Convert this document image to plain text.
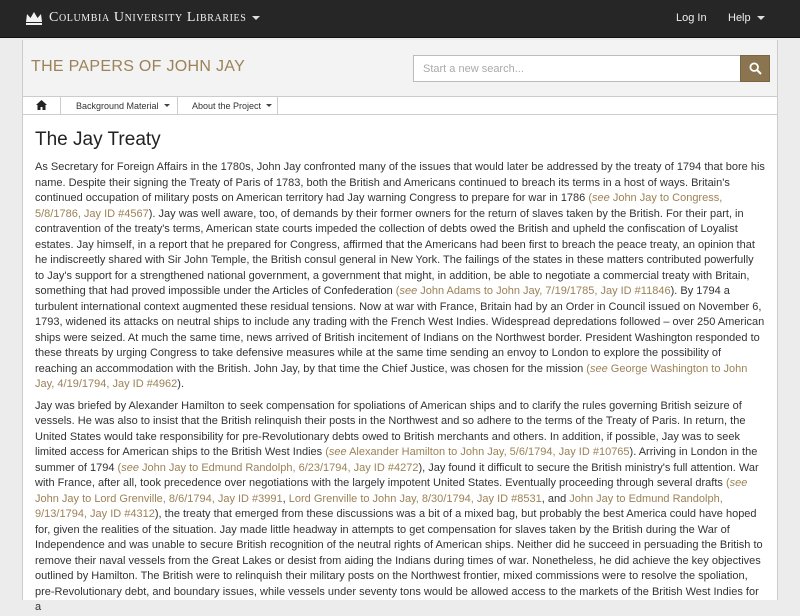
Columbia University Libraries	Log In Help
THE PAPERS OF JOHN JAY
Start a new search...
Background Material	About the Project
The Jay Treaty

As Secretary for Foreign Affairs in the 1780s, John Jay confronted many of the issues that would later be addressed by the treaty of 1794 that bore his name. Despite their signing the Treaty of Paris of 1783, both the British and Americans continued to breach its terms in a host of ways. Britain's continued occupation of military posts on American territory had Jay warning Congress to prepare for war in 1786 (see John Jay to Congress, 5/8/1786, Jay ID #4567). Jay was well aware, too, of demands by their former owners for the return of slaves taken by the British. For their part, in contravention of the treaty's terms, American state courts impeded the collection of debts owed the British and upheld the confiscation of Loyalist estates. Jay himself, in a report that he prepared for Congress, affirmed that the Americans had been first to breach the peace treaty, an opinion that he indiscreetly shared with Sir John Temple, the British consul general in New York. The failings of the states in these matters contributed powerfully to Jay's support for a strengthened national government, a government that might, in addition, be able to negotiate a commercial treaty with Britain, something that had proved impossible under the Articles of Confederation (see John Adams to John Jay, 7/19/1785, Jay ID #11846). By 1794 a turbulent international context augmented these residual tensions. Now at war with France, Britain had by an Order in Council issued on November 6, 1793, widened its attacks on neutral ships to include any trading with the French West Indies. Widespread depredations followed – over 250 American ships were seized. At much the same time, news arrived of British incitement of Indians on the Northwest border. President Washington responded to these threats by urging Congress to take defensive measures while at the same time sending an envoy to London to explore the possibility of reaching an accommodation with the British. John Jay, by that time the Chief Justice, was chosen for the mission (see George Washington to John Jay, 4/19/1794, Jay ID #4962).

Jay was briefed by Alexander Hamilton to seek compensation for spoliations of American ships and to clarify the rules governing British seizure of vessels. He was also to insist that the British relinquish their posts in the Northwest and so adhere to the terms of the Treaty of Paris. In return, the United States would take responsibility for pre-Revolutionary debts owed to British merchants and others. In addition, if possible, Jay was to seek limited access for American ships to the British West Indies (see Alexander Hamilton to John Jay, 5/6/1794, Jay ID #10765). Arriving in London in the summer of 1794 (see John Jay to Edmund Randolph, 6/23/1794, Jay ID #4272), Jay found it difficult to secure the British ministry's full attention. War with France, after all, took precedence over negotiations with the largely impotent United States. Eventually proceeding through several drafts (see John Jay to Lord Grenville, 8/6/1794, Jay ID #3991, Lord Grenville to John Jay, 8/30/1794, Jay ID #8531, and John Jay to Edmund Randolph, 9/13/1794, Jay ID #4312), the treaty that emerged from these discussions was a bit of a mixed bag, but probably the best America could have hoped for, given the realities of the situation. Jay made little headway in attempts to get compensation for slaves taken by the British during the War of Independence and was unable to secure British recognition of the neutral rights of American ships. Neither did he succeed in persuading the British to remove their naval vessels from the Great Lakes or desist from aiding the Indians during times of war. Nonetheless, he did achieve the key objectives outlined by Hamilton. The British were to relinquish their military posts on the Northwest frontier, mixed commissions were to resolve the spoliation, pre-Revolutionary debt, and boundary issues, while vessels under seventy tons would be allowed access to the markets of the British West Indies for a
